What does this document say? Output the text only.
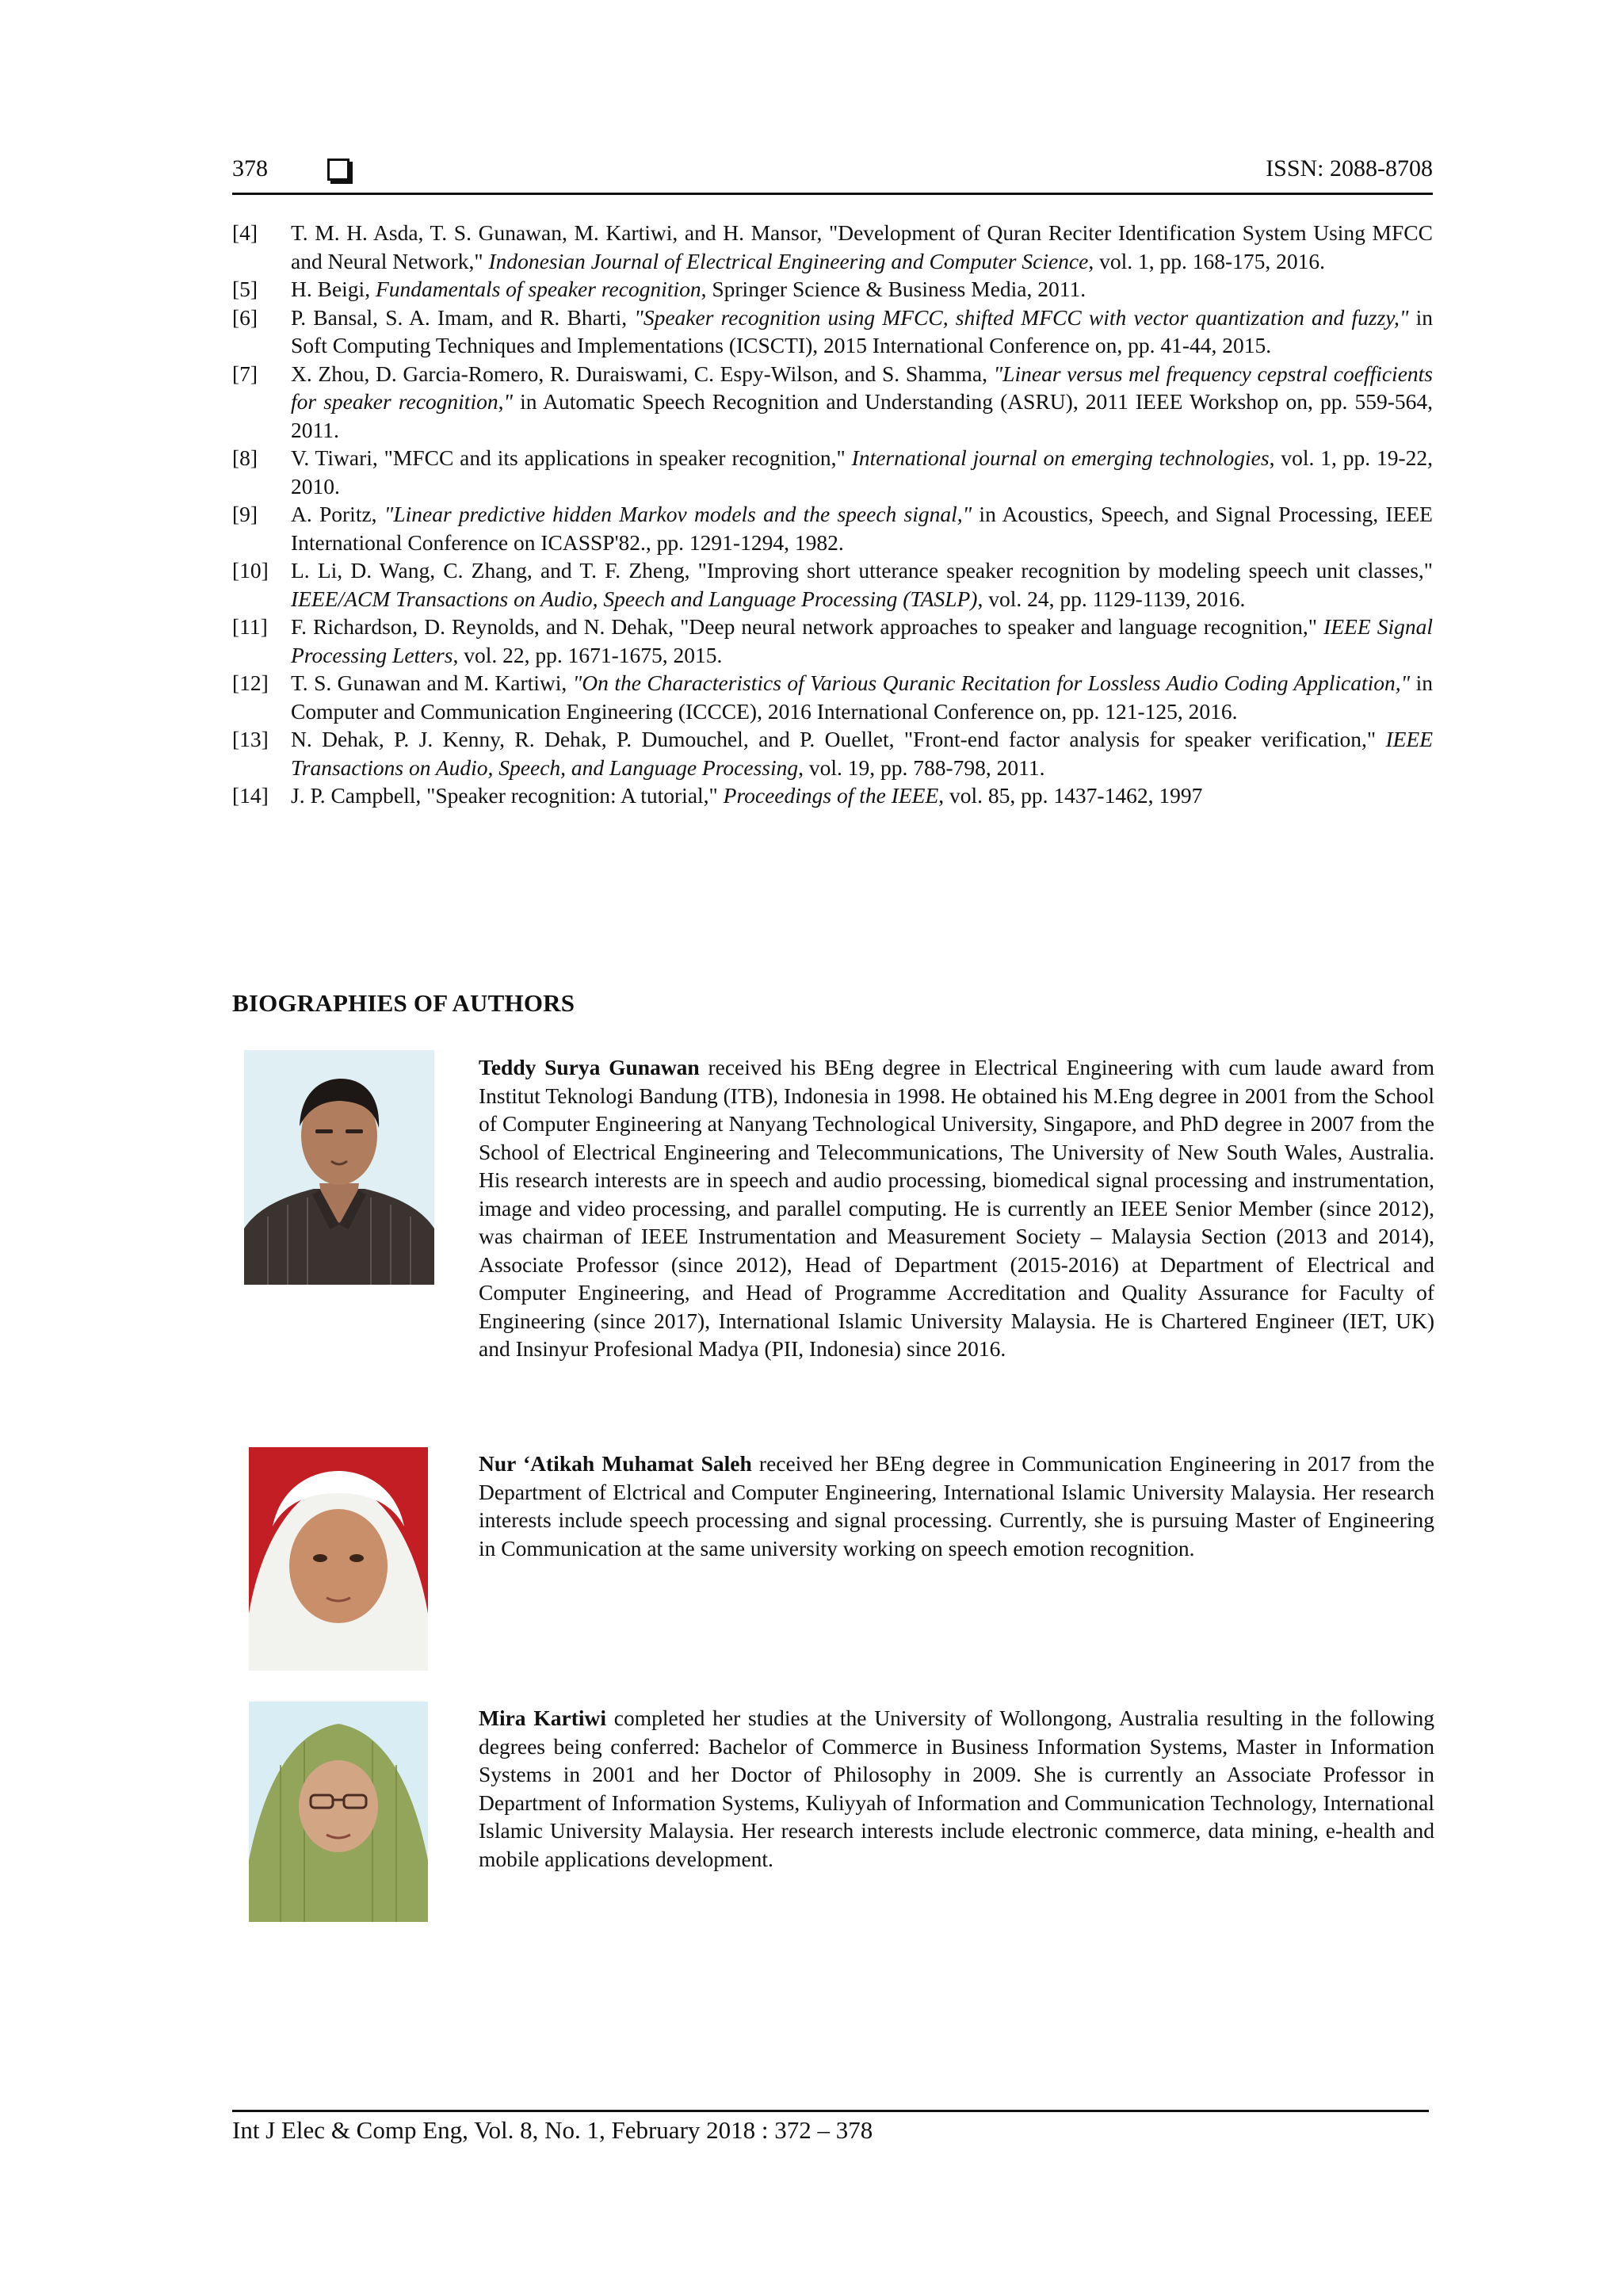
378	ISSN: 2088-8708
[4]	T. M. H. Asda, T. S. Gunawan, M. Kartiwi, and H. Mansor, "Development of Quran Reciter Identification System Using MFCC and Neural Network," Indonesian Journal of Electrical Engineering and Computer Science, vol. 1, pp. 168-175, 2016.
[5]	H. Beigi, Fundamentals of speaker recognition, Springer Science & Business Media, 2011.
[6]	P. Bansal, S. A. Imam, and R. Bharti, "Speaker recognition using MFCC, shifted MFCC with vector quantization and fuzzy," in Soft Computing Techniques and Implementations (ICSCTI), 2015 International Conference on, pp. 41-44, 2015.
[7]	X. Zhou, D. Garcia-Romero, R. Duraiswami, C. Espy-Wilson, and S. Shamma, "Linear versus mel frequency cepstral coefficients for speaker recognition," in Automatic Speech Recognition and Understanding (ASRU), 2011 IEEE Workshop on, pp. 559-564, 2011.
[8]	V. Tiwari, "MFCC and its applications in speaker recognition," International journal on emerging technologies, vol. 1, pp. 19-22, 2010.
[9]	A. Poritz, "Linear predictive hidden Markov models and the speech signal," in Acoustics, Speech, and Signal Processing, IEEE International Conference on ICASSP'82., pp. 1291-1294, 1982.
[10]	L. Li, D. Wang, C. Zhang, and T. F. Zheng, "Improving short utterance speaker recognition by modeling speech unit classes," IEEE/ACM Transactions on Audio, Speech and Language Processing (TASLP), vol. 24, pp. 1129-1139, 2016.
[11]	F. Richardson, D. Reynolds, and N. Dehak, "Deep neural network approaches to speaker and language recognition," IEEE Signal Processing Letters, vol. 22, pp. 1671-1675, 2015.
[12]	T. S. Gunawan and M. Kartiwi, "On the Characteristics of Various Quranic Recitation for Lossless Audio Coding Application," in Computer and Communication Engineering (ICCCE), 2016 International Conference on, pp. 121-125, 2016.
[13]	N. Dehak, P. J. Kenny, R. Dehak, P. Dumouchel, and P. Ouellet, "Front-end factor analysis for speaker verification," IEEE Transactions on Audio, Speech, and Language Processing, vol. 19, pp. 788-798, 2011.
[14]	J. P. Campbell, "Speaker recognition: A tutorial," Proceedings of the IEEE, vol. 85, pp. 1437-1462, 1997
BIOGRAPHIES OF AUTHORS
Teddy Surya Gunawan received his BEng degree in Electrical Engineering with cum laude award from Institut Teknologi Bandung (ITB), Indonesia in 1998. He obtained his M.Eng degree in 2001 from the School of Computer Engineering at Nanyang Technological University, Singapore, and PhD degree in 2007 from the School of Electrical Engineering and Telecommunications, The University of New South Wales, Australia. His research interests are in speech and audio processing, biomedical signal processing and instrumentation, image and video processing, and parallel computing. He is currently an IEEE Senior Member (since 2012), was chairman of IEEE Instrumentation and Measurement Society – Malaysia Section (2013 and 2014), Associate Professor (since 2012), Head of Department (2015-2016) at Department of Electrical and Computer Engineering, and Head of Programme Accreditation and Quality Assurance for Faculty of Engineering (since 2017), International Islamic University Malaysia. He is Chartered Engineer (IET, UK) and Insinyur Profesional Madya (PII, Indonesia) since 2016.
Nur ‘Atikah Muhamat Saleh received her BEng degree in Communication Engineering in 2017 from the Department of Elctrical and Computer Engineering, International Islamic University Malaysia. Her research interests include speech processing and signal processing. Currently, she is pursuing Master of Engineering in Communication at the same university working on speech emotion recognition.
Mira Kartiwi completed her studies at the University of Wollongong, Australia resulting in the following degrees being conferred: Bachelor of Commerce in Business Information Systems, Master in Information Systems in 2001 and her Doctor of Philosophy in 2009. She is currently an Associate Professor in Department of Information Systems, Kuliyyah of Information and Communication Technology, International Islamic University Malaysia. Her research interests include electronic commerce, data mining, e-health and mobile applications development.
Int J Elec & Comp Eng, Vol. 8, No. 1, February 2018 : 372 – 378
